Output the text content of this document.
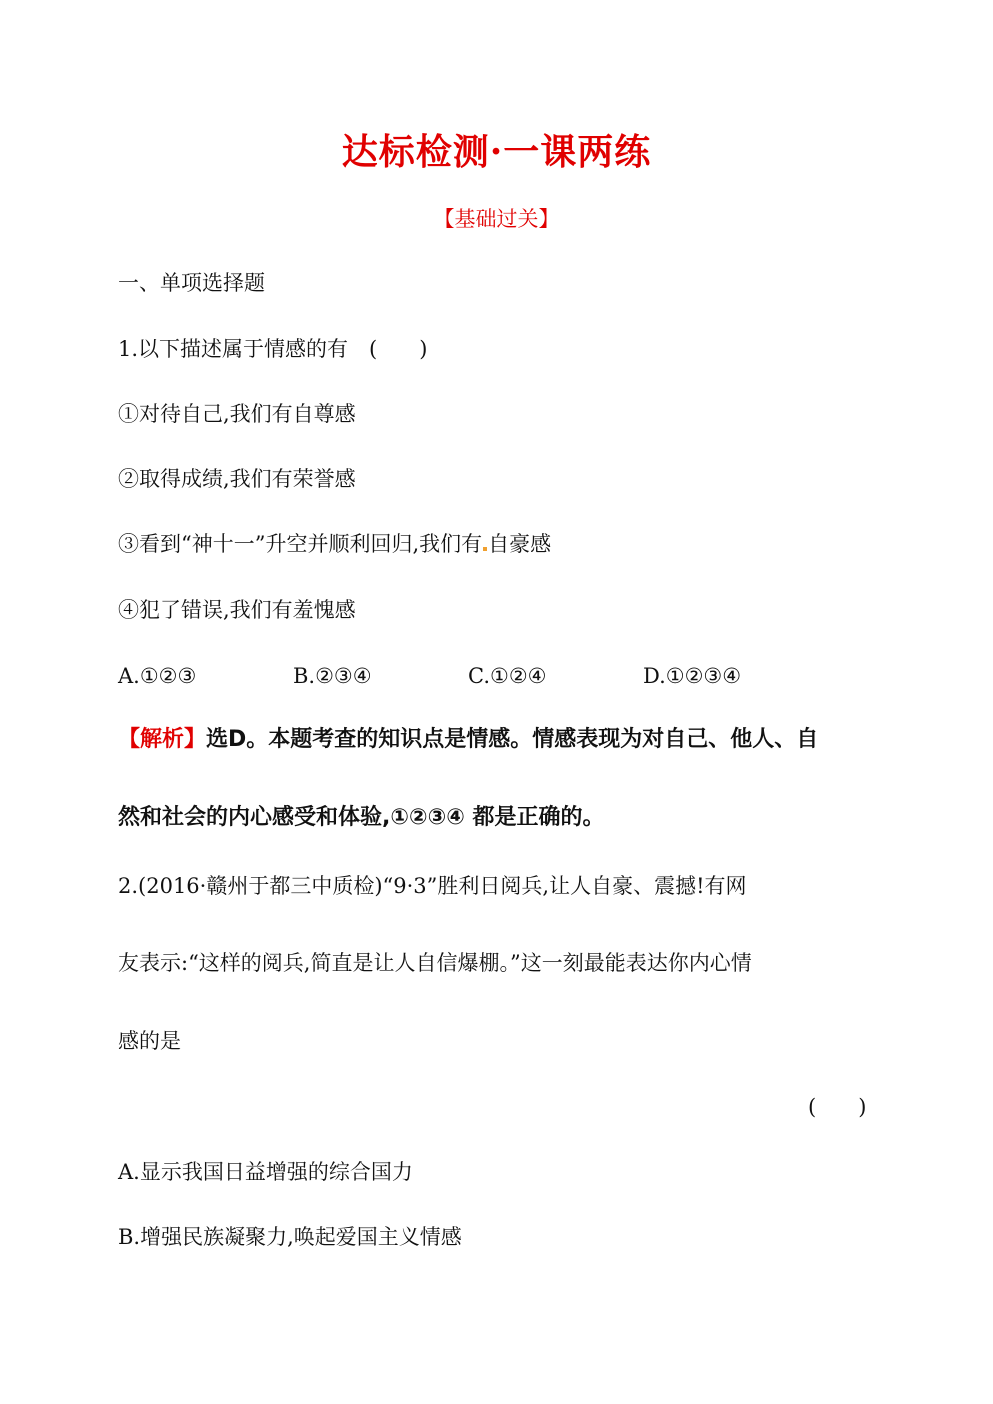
达标检测·一课两练
【基础过关】
一、单项选择题
1.以下描述属于情感的有　(　　)
①对待自己,我们有自尊感
②取得成绩,我们有荣誉感
③看到“神十一”升空并顺利回归,我们有 自豪感
④犯了错误,我们有羞愧感
A.①②③	B.②③④	C.①②④	D.①②③④
【解析】选D。本题考查的知识点是情感。情感表现为对自己、他人、自
然和社会的内心感受和体验,①②③④ 都是正确的。
2.(2016·赣州于都三中质检)“9·3”胜利日阅兵,让人自豪、震撼!有网
友表示:“这样的阅兵,简直是让人自信爆棚。”这一刻最能表达你内心情
感的是
(　　)
A.显示我国日益增强的综合国力
B.增强民族凝聚力,唤起爱国主义情感
